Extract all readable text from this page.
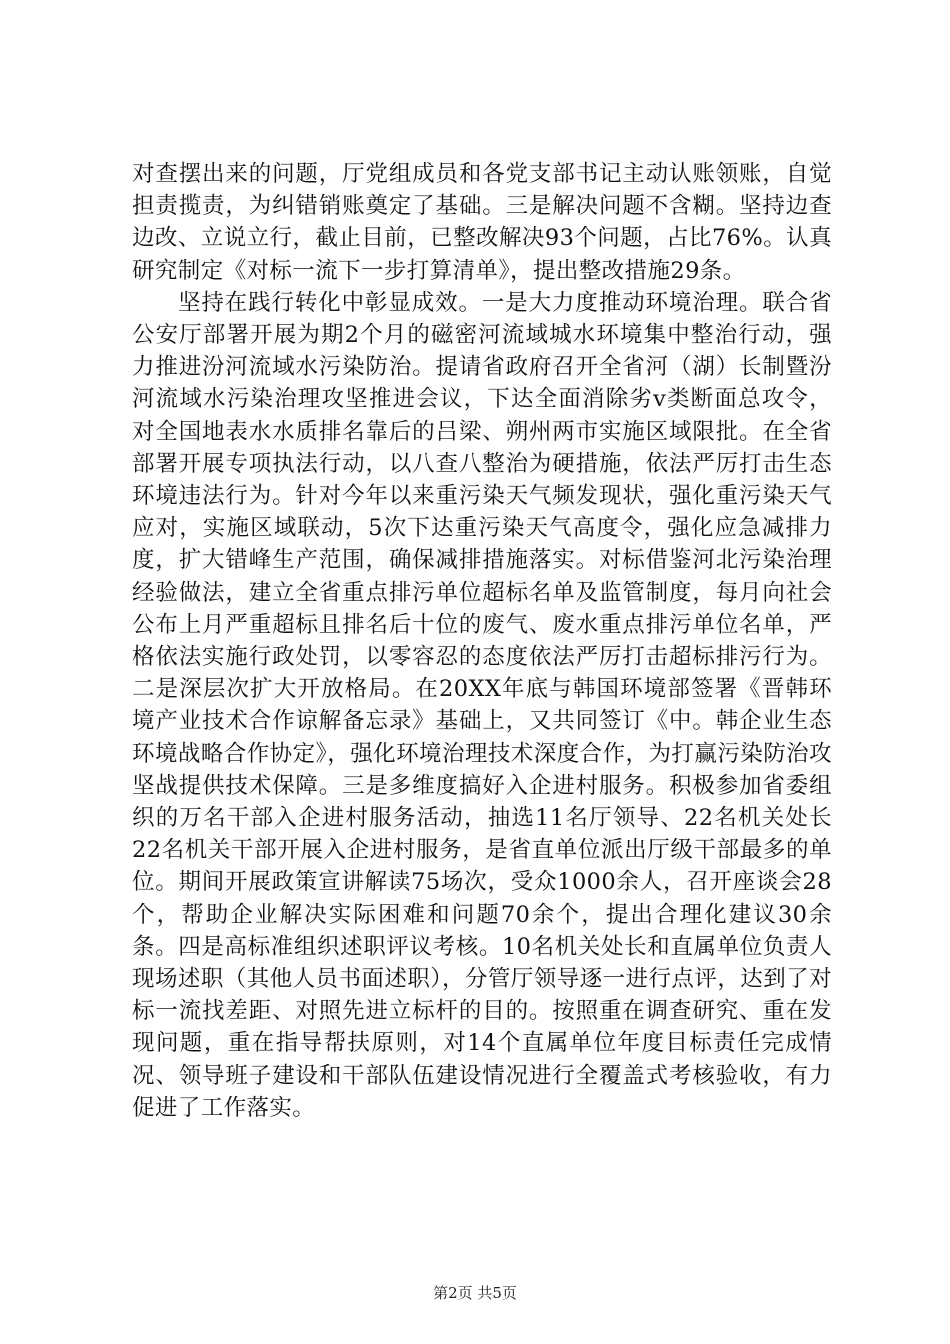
对查摆出来的问题，厅党组成员和各党支部书记主动认账领账，自觉担责揽责，为纠错销账奠定了基础。三是解决问题不含糊。坚持边查边改、立说立行，截止目前，已整改解决93个问题，占比76%。认真研究制定《对标一流下一步打算清单》，提出整改措施29条。

坚持在践行转化中彰显成效。一是大力度推动环境治理。联合省公安厅部署开展为期2个月的磁密河流域城水环境集中整治行动，强力推进汾河流域水污染防治。提请省政府召开全省河（湖）长制暨汾河流域水污染治理攻坚推进会议，下达全面消除劣v类断面总攻令，对全国地表水水质排名靠后的吕梁、朔州两市实施区域限批。在全省部署开展专项执法行动，以八查八整治为硬措施，依法严厉打击生态环境违法行为。针对今年以来重污染天气频发现状，强化重污染天气应对，实施区域联动，5次下达重污染天气高度令，强化应急减排力度，扩大错峰生产范围，确保减排措施落实。对标借鉴河北污染治理经验做法，建立全省重点排污单位超标名单及监管制度，每月向社会公布上月严重超标且排名后十位的废气、废水重点排污单位名单，严格依法实施行政处罚，以零容忍的态度依法严厉打击超标排污行为。二是深层次扩大开放格局。在20XX年底与韩国环境部签署《晋韩环境产业技术合作谅解备忘录》基础上，又共同签订《中。韩企业生态环境战略合作协定》，强化环境治理技术深度合作，为打赢污染防治攻坚战提供技术保障。三是多维度搞好入企进村服务。积极参加省委组织的万名干部入企进村服务活动，抽选11名厅领导、22名机关处长22名机关干部开展入企进村服务，是省直单位派出厅级干部最多的单位。期间开展政策宣讲解读75场次，受众1000余人，召开座谈会28个，帮助企业解决实际困难和问题70余个，提出合理化建议30余条。四是高标准组织述职评议考核。10名机关处长和直属单位负责人现场述职（其他人员书面述职），分管厅领导逐一进行点评，达到了对标一流找差距、对照先进立标杆的目的。按照重在调查研究、重在发现问题，重在指导帮扶原则，对14个直属单位年度目标责任完成情况、领导班子建设和干部队伍建设情况进行全覆盖式考核验收，有力促进了工作落实。

第2页 共5页
